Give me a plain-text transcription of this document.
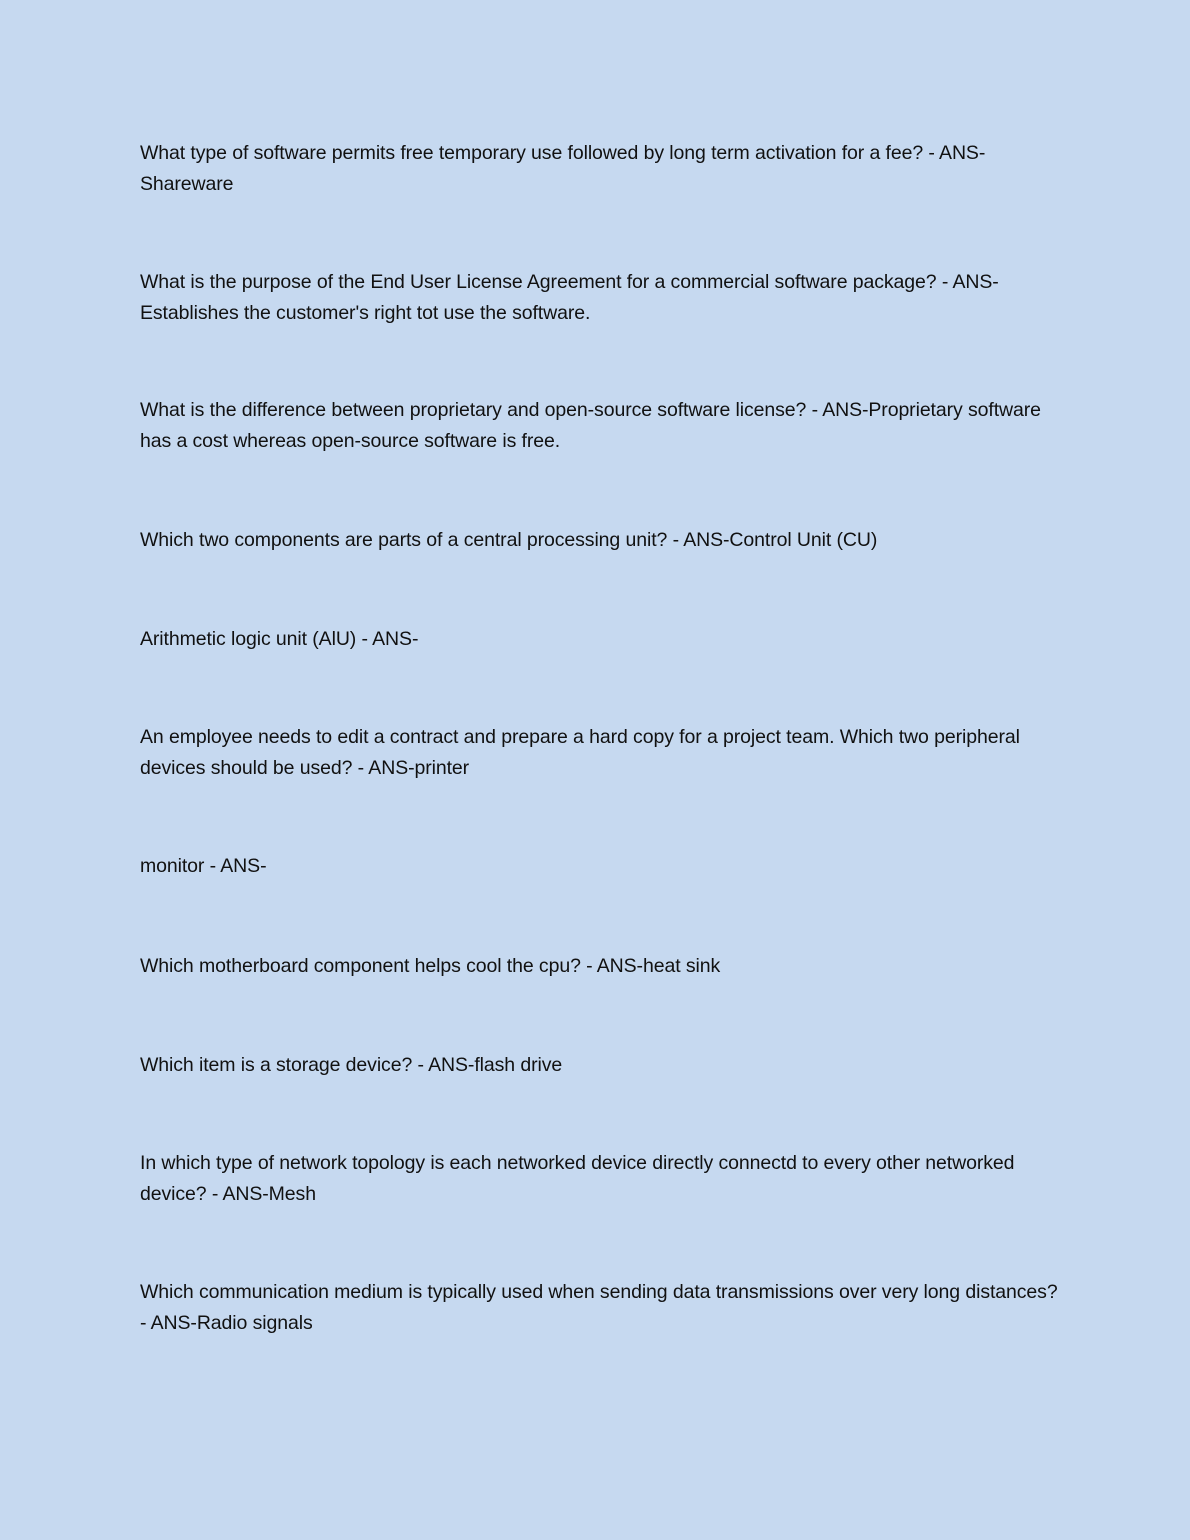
What type of software permits free temporary use followed by long term activation for a fee? - ANS-Shareware

What is the purpose of the End User License Agreement for a commercial software package? - ANS-Establishes the customer's right tot use the software.

What is the difference between proprietary and open-source software license? - ANS-Proprietary software has a cost whereas open-source software is free.

Which two components are parts of a central processing unit? - ANS-Control Unit (CU)

Arithmetic logic unit (AlU) - ANS-

An employee needs to edit a contract and prepare a hard copy for a project team. Which two peripheral devices should be used? - ANS-printer

monitor - ANS-

Which motherboard component helps cool the cpu? - ANS-heat sink

Which item is a storage device? - ANS-flash drive

In which type of network topology is each networked device directly connectd to every other networked device? - ANS-Mesh

Which communication medium is typically used when sending data transmissions over very long distances? - ANS-Radio signals
